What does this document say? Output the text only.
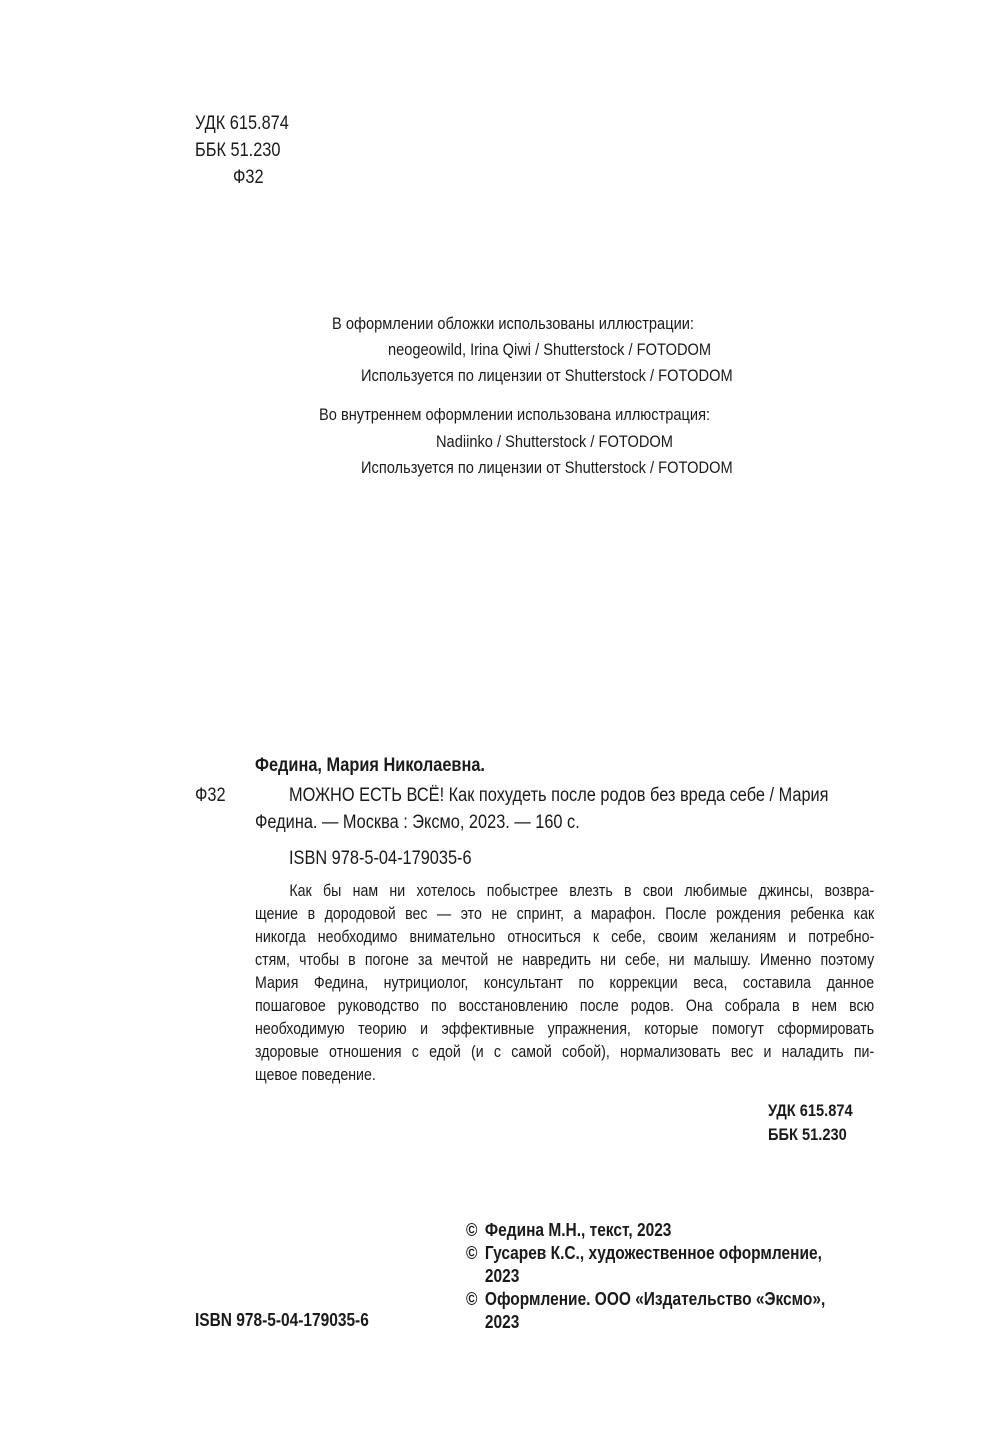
УДК 615.874
ББК 51.230
Ф32
В оформлении обложки использованы иллюстрации:
neogeowild, Irina Qiwi / Shutterstock / FOTODOM
Используется по лицензии от Shutterstock / FOTODOM
Во внутреннем оформлении использована иллюстрация:
Nadiinko / Shutterstock / FOTODOM
Используется по лицензии от Shutterstock / FOTODOM
Федина, Мария Николаевна.
Ф32	МОЖНО ЕСТЬ ВСЁ! Как похудеть после родов без вреда себе / Мария
Федина. — Москва : Эксмо, 2023. — 160 с.
ISBN 978-5-04-179035-6
Как бы нам ни хотелось побыстрее влезть в свои любимые джинсы, возвра-
щение в дородовой вес — это не спринт, а марафон. После рождения ребенка как
никогда необходимо внимательно относиться к себе, своим желаниям и потребно-
стям, чтобы в погоне за мечтой не навредить ни себе, ни малышу. Именно поэтому
Мария Федина, нутрициолог, консультант по коррекции веса, составила данное
пошаговое руководство по восстановлению после родов. Она собрала в нем всю
необходимую теорию и эффективные упражнения, которые помогут сформировать
здоровые отношения с едой (и с самой собой), нормализовать вес и наладить пи-
щевое поведение.
УДК 615.874
ББК 51.230
© Федина М.Н., текст, 2023
© Гусарев К.С., художественное оформление,
2023
© Оформление. ООО «Издательство «Эксмо»,
2023
ISBN 978-5-04-179035-6
